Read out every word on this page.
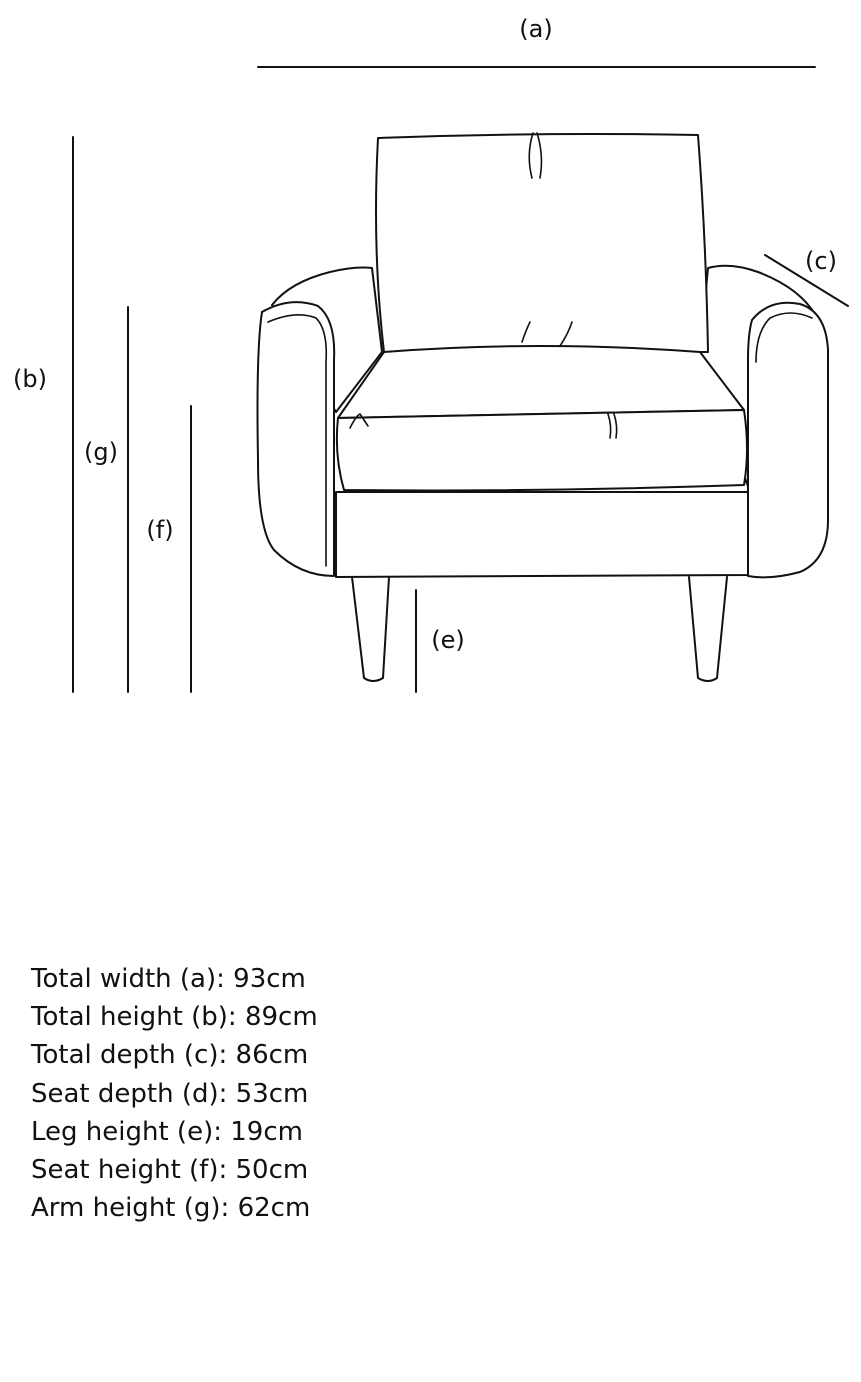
(a)
(b)
(g)
(f)
(e)
(c)
Total width (a): 93cm
Total height (b): 89cm
Total depth (c): 86cm
Seat depth (d): 53cm
Leg height (e): 19cm
Seat height (f): 50cm
Arm height (g): 62cm
